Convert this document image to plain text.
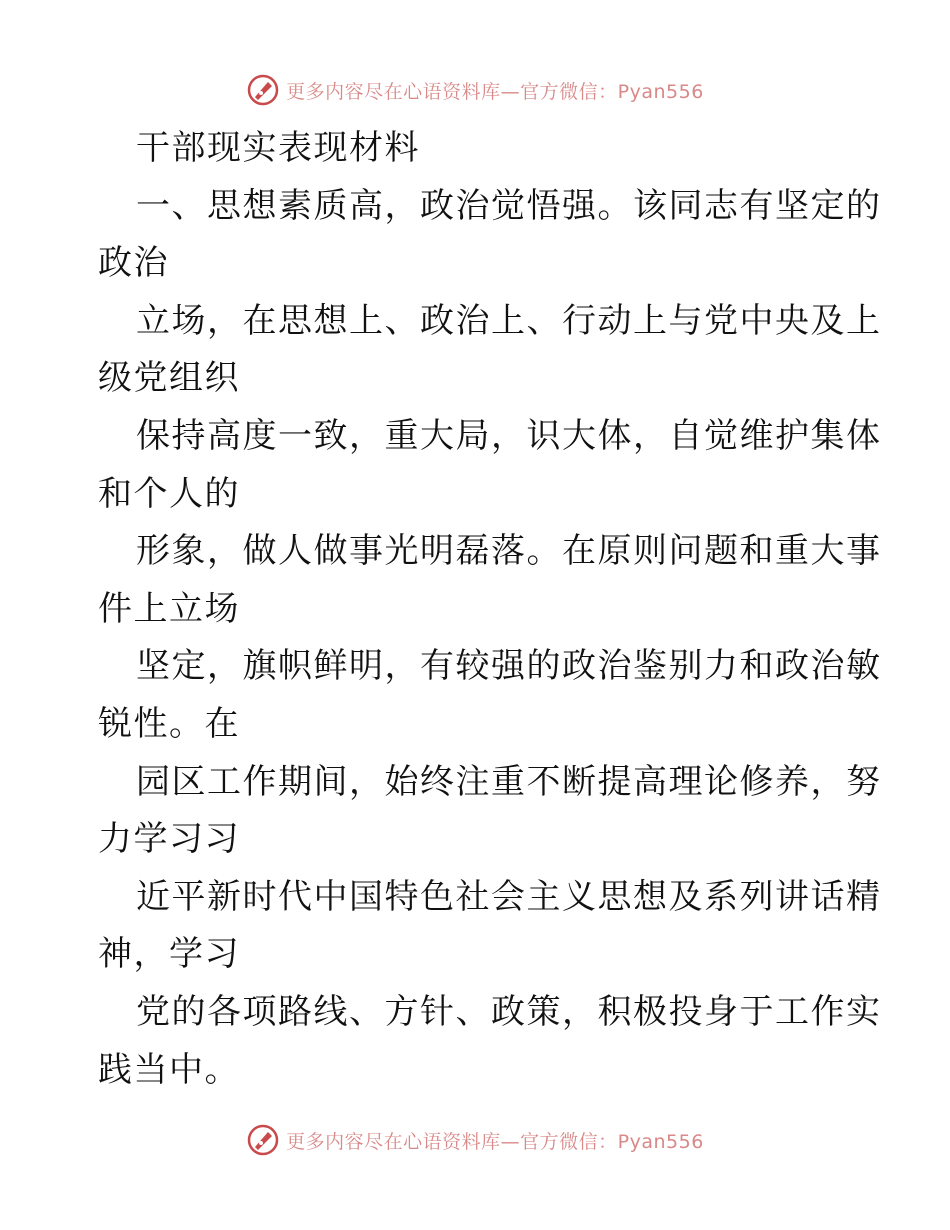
更多内容尽在心语资料库—官方微信：Pyan556
干部现实表现材料
一、思想素质高，政治觉悟强。该同志有坚定的
政治
立场，在思想上、政治上、行动上与党中央及上
级党组织
保持高度一致，重大局，识大体，自觉维护集体
和个人的
形象，做人做事光明磊落。在原则问题和重大事
件上立场
坚定，旗帜鲜明，有较强的政治鉴别力和政治敏
锐性。在
园区工作期间，始终注重不断提高理论修养，努
力学习习
近平新时代中国特色社会主义思想及系列讲话精
神，学习
党的各项路线、方针、政策，积极投身于工作实
践当中。
更多内容尽在心语资料库—官方微信：Pyan556
